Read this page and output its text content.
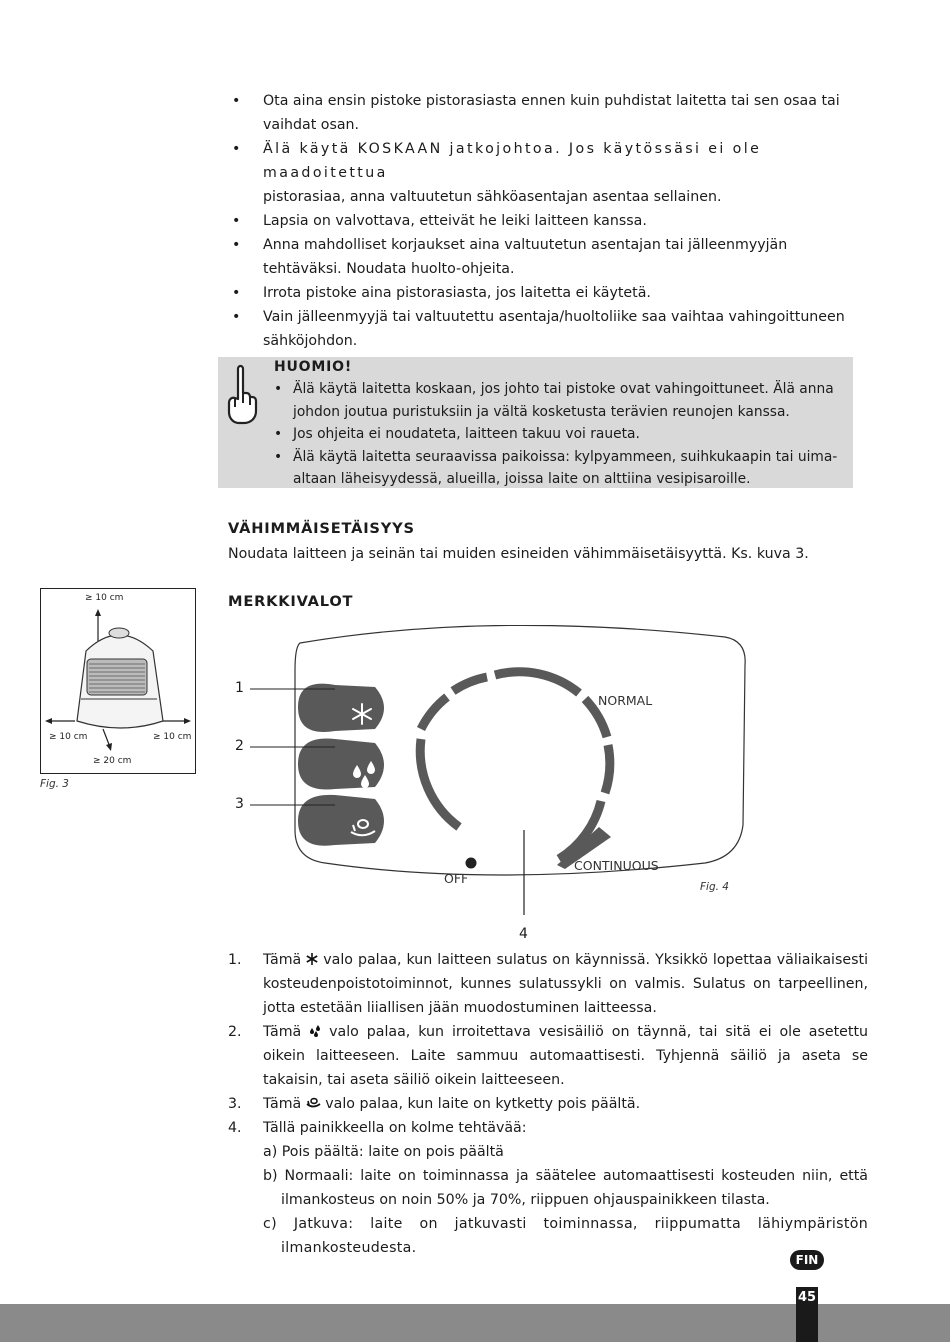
• Ota aina ensin pistoke pistorasiasta ennen kuin puhdistat laitetta tai sen osaa tai vaihdat osan.
• Älä käytä KOSKAAN jatkojohtoa. Jos käytössäsi ei ole maadoitettua
pistorasiaa, anna valtuutetun sähköasentajan asentaa sellainen.
• Lapsia on valvottava, etteivät he leiki laitteen kanssa.
• Anna mahdolliset korjaukset aina valtuutetun asentajan tai jälleenmyyjän tehtäväksi. Noudata huolto-ohjeita.
• Irrota pistoke aina pistorasiasta, jos laitetta ei käytetä.
• Vain jälleenmyyjä tai valtuutettu asentaja/huoltoliike saa vaihtaa vahingoittuneen sähköjohdon.
HUOMIO!
• Älä käytä laitetta koskaan, jos johto tai pistoke ovat vahingoittuneet. Älä anna johdon joutua puristuksiin ja vältä kosketusta terävien reunojen kanssa.
• Jos ohjeita ei noudateta, laitteen takuu voi raueta.
• Älä käytä laitetta seuraavissa paikoissa: kylpyammeen, suihkukaapin tai uima-altaan läheisyydessä, alueilla, joissa laite on alttiina vesipisaroille.
VÄHIMMÄISETÄISYYS
Noudata laitteen ja seinän tai muiden esineiden vähimmäisetäisyyttä. Ks. kuva 3.
≥ 10 cm
≥ 10 cm	≥ 10 cm
≥ 20 cm
Fig. 3
MERKKIVALOT
1
2
3
4
NORMAL
OFF
CONTINUOUS
Fig. 4
1. Tämä valo palaa, kun laitteen sulatus on käynnissä. Yksikkö lopettaa väliaikaisesti kosteudenpoistotoiminnot, kunnes sulatussykli on valmis. Sulatus on tarpeellinen, jotta estetään liiallisen jään muodostuminen laitteessa.
2. Tämä valo palaa, kun irroitettava vesisäiliö on täynnä, tai sitä ei ole asetettu oikein laitteeseen. Laite sammuu automaattisesti. Tyhjennä säiliö ja aseta se takaisin, tai aseta säiliö oikein laitteeseen.
3. Tämä valo palaa, kun laite on kytketty pois päältä.
4. Tällä painikkeella on kolme tehtävää:
a) Pois päältä: laite on pois päältä
b) Normaali: laite on toiminnassa ja säätelee automaattisesti kosteuden niin, että ilmankosteus on noin 50% ja 70%, riippuen ohjauspainikkeen tilasta.
c) Jatkuva: laite on jatkuvasti toiminnassa, riippumatta lähiympäristön ilmankosteudesta.
FIN
45
